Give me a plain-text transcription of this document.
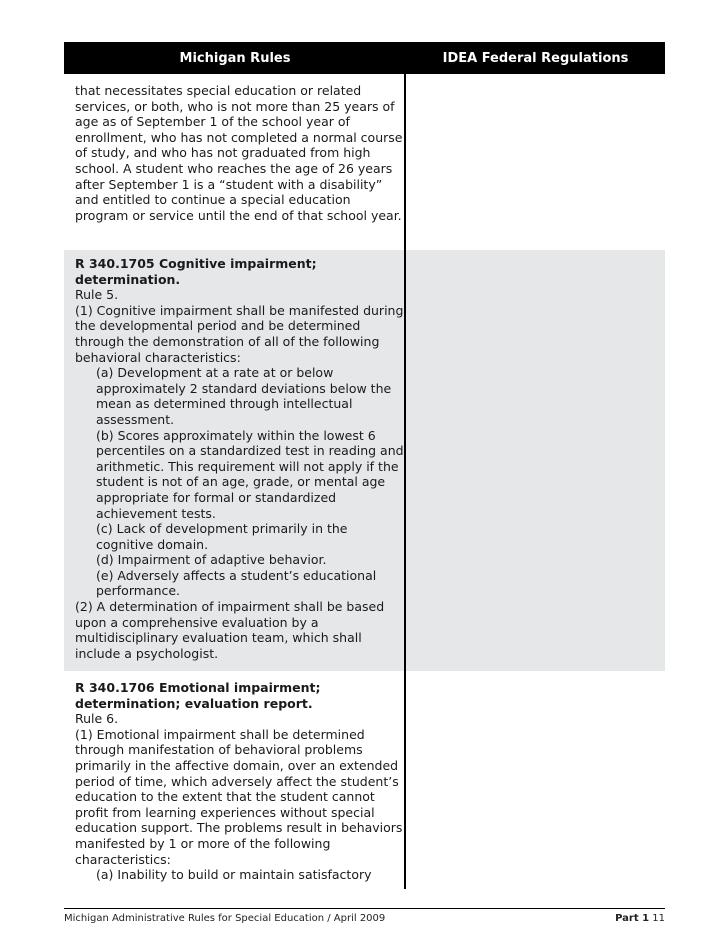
Michigan Rules	IDEA Federal Regulations

that necessitates special education or related services, or both, who is not more than 25 years of age as of September 1 of the school year of enrollment, who has not completed a normal course of study, and who has not graduated from high school. A student who reaches the age of 26 years after September 1 is a “student with a disability” and entitled to continue a special education program or service until the end of that school year.

R 340.1705 Cognitive impairment; determination.

Rule 5.

(1) Cognitive impairment shall be manifested during the developmental period and be determined through the demonstration of all of the following behavioral characteristics:

(a) Development at a rate at or below approximately 2 standard deviations below the mean as determined through intellectual assessment.

(b) Scores approximately within the lowest 6 percentiles on a standardized test in reading and arithmetic. This requirement will not apply if the student is not of an age, grade, or mental age appropriate for formal or standardized achievement tests.

(c) Lack of development primarily in the cognitive domain.

(d) Impairment of adaptive behavior.

(e) Adversely affects a student’s educational performance.

(2) A determination of impairment shall be based upon a comprehensive evaluation by a multidisciplinary evaluation team, which shall include a psychologist.

R 340.1706 Emotional impairment; determination; evaluation report.

Rule 6.

(1) Emotional impairment shall be determined through manifestation of behavioral problems primarily in the affective domain, over an extended period of time, which adversely affect the student’s education to the extent that the student cannot profit from learning experiences without special education support. The problems result in behaviors manifested by 1 or more of the following characteristics:

(a) Inability to build or maintain satisfactory

Michigan Administrative Rules for Special Education / April 2009	Part 1 11
